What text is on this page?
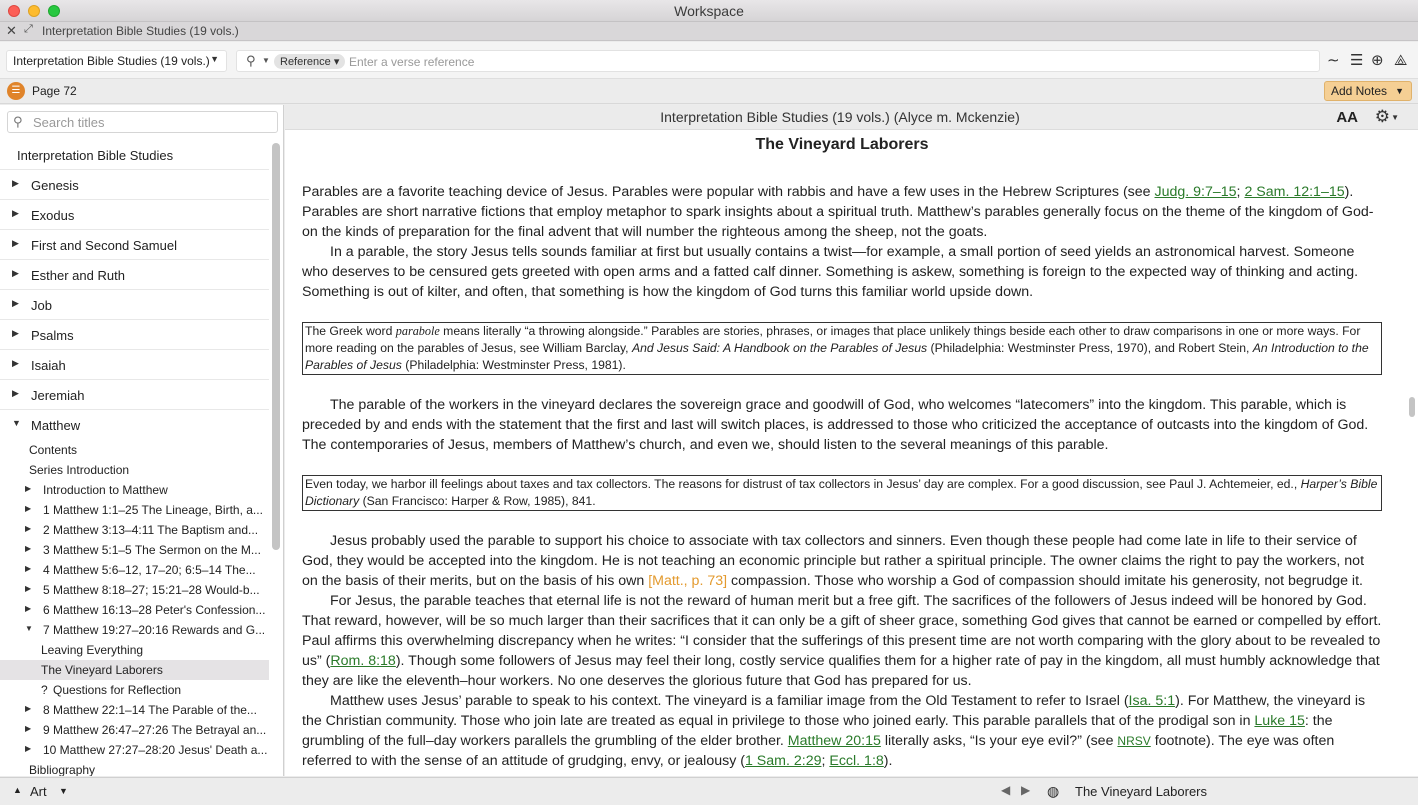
Workspace
✕ ⤢ Interpretation Bible Studies (19 vols.)
Interpretation Bible Studies (19 vols.) ▼ ⚲ ▼ Reference ▾
Enter a verse reference	∼ ☰ ⊕ ⟁
☰ Page 72	Add Notes ▼
⚲
Search titles
Interpretation Bible Studies
▶ Genesis
▶ Exodus
▶ First and Second Samuel
▶ Esther and Ruth
▶ Job
▶ Psalms
▶ Isaiah
▶ Jeremiah
▼ Matthew
Contents
Series Introduction
▶ Introduction to Matthew
▶ 1 Matthew 1:1–25 The Lineage, Birth, a...
▶ 2 Matthew 3:13–4:11 The Baptism and...
▶ 3 Matthew 5:1–5 The Sermon on the M...
▶ 4 Matthew 5:6–12, 17–20; 6:5–14 The...
▶ 5 Matthew 8:18–27; 15:21–28 Would-b...
▶ 6 Matthew 16:13–28 Peter's Confession...
▼ 7 Matthew 19:27–20:16 Rewards and G...
Leaving Everything
The Vineyard Laborers
? Questions for Reflection
▶ 8 Matthew 22:1–14 The Parable of the...
▶ 9 Matthew 26:47–27:26 The Betrayal an...
▶ 10 Matthew 27:27–28:20 Jesus' Death a...
Bibliography
Interpretation Bible Studies (19 vols.) (Alyce m. Mckenzie)	AA ⚙ ▼
The Vineyard Laborers

Parables are a favorite teaching device of Jesus. Parables were popular with rabbis and have a few uses in the Hebrew Scriptures (see Judg. 9:7–15; 2 Sam. 12:1–15). Parables are short narrative fictions that employ metaphor to spark insights about a spiritual truth. Matthew’s parables generally focus on the theme of the kingdom of God-on the kinds of preparation for the final advent that will number the righteous among the sheep, not the goats.

In a parable, the story Jesus tells sounds familiar at first but usually contains a twist—for example, a small portion of seed yields an astronomical harvest. Someone who deserves to be censured gets greeted with open arms and a fatted calf dinner. Something is askew, something is foreign to the expected way of thinking and acting. Something is out of kilter, and often, that something is how the kingdom of God turns this familiar world upside down.

The Greek word parabole means literally “a throwing alongside.” Parables are stories, phrases, or images that place unlikely things beside each other to draw comparisons in one or more ways. For more reading on the parables of Jesus, see William Barclay, And Jesus Said: A Handbook on the Parables of Jesus (Philadelphia: Westminster Press, 1970), and Robert Stein, An Introduction to the Parables of Jesus (Philadelphia: Westminster Press, 1981).

The parable of the workers in the vineyard declares the sovereign grace and goodwill of God, who welcomes “latecomers” into the kingdom. This parable, which is preceded by and ends with the statement that the first and last will switch places, is addressed to those who criticized the acceptance of outcasts into the kingdom of God. The contemporaries of Jesus, members of Matthew’s church, and even we, should listen to the several meanings of this parable.

Even today, we harbor ill feelings about taxes and tax collectors. The reasons for distrust of tax collectors in Jesus’ day are complex. For a good discussion, see Paul J. Achtemeier, ed., Harper’s Bible Dictionary (San Francisco: Harper & Row, 1985), 841.

Jesus probably used the parable to support his choice to associate with tax collectors and sinners. Even though these people had come late in life to their service of God, they would be accepted into the kingdom. He is not teaching an economic principle but rather a spiritual principle. The owner claims the right to pay the workers, not on the basis of their merits, but on the basis of his own [Matt., p. 73] compassion. Those who worship a God of compassion should imitate his generosity, not begrudge it.

For Jesus, the parable teaches that eternal life is not the reward of human merit but a free gift. The sacrifices of the followers of Jesus indeed will be honored by God. That reward, however, will be so much larger than their sacrifices that it can only be a gift of sheer grace, something God gives that cannot be earned or compelled by effort. Paul affirms this overwhelming discrepancy when he writes: “I consider that the sufferings of this present time are not worth comparing with the glory about to be revealed to us” (Rom. 8:18). Though some followers of Jesus may feel their long, costly service qualifies them for a higher rate of pay in the kingdom, all must humbly acknowledge that they are like the eleventh–hour workers. No one deserves the glorious future that God has prepared for us.

Matthew uses Jesus’ parable to speak to his context. The vineyard is a familiar image from the Old Testament to refer to Israel (Isa. 5:1). For Matthew, the vineyard is the Christian community. Those who join late are treated as equal in privilege to those who joined early. This parable parallels that of the prodigal son in Luke 15: the grumbling of the full–day workers parallels the grumbling of the elder brother. Matthew 20:15 literally asks, “Is your eye evil?” (see NRSV footnote). The eye was often referred to with the sense of an attitude of grudging, envy, or jealousy (1 Sam. 2:29; Eccl. 1:8).

▲ Art ▼	◀ ▶ ◍ The Vineyard Laborers
